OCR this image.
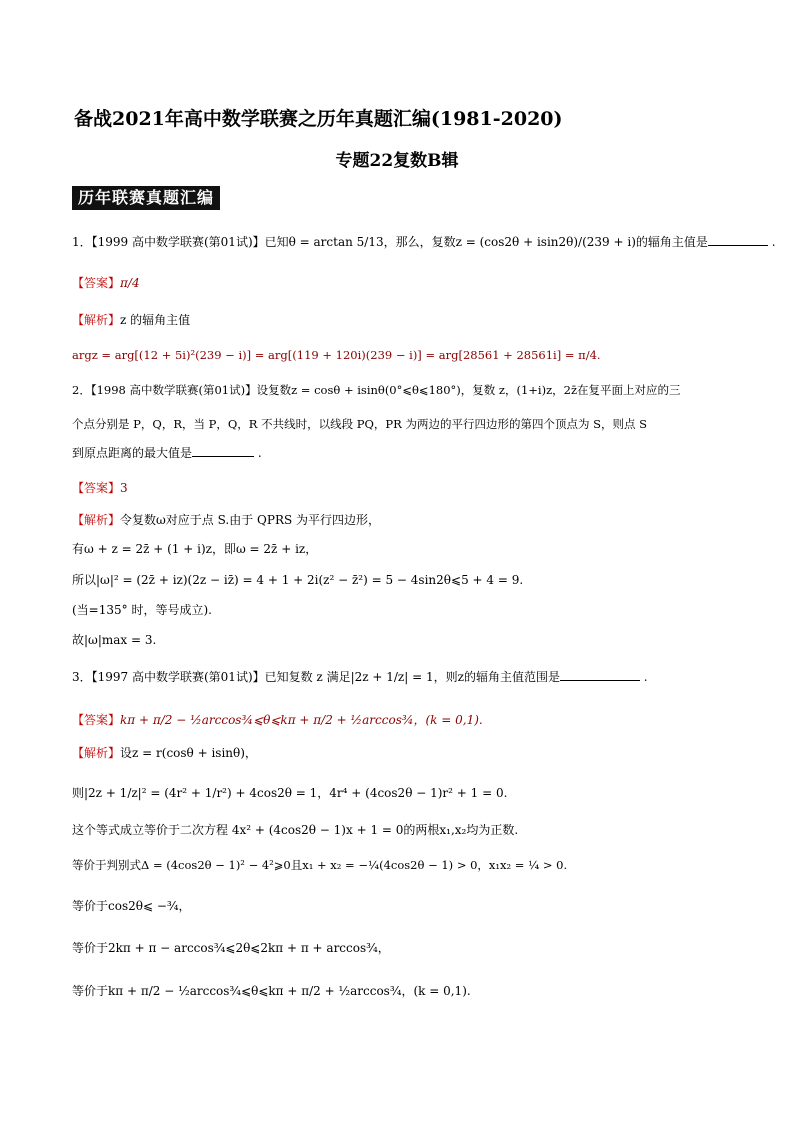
备战2021年高中数学联赛之历年真题汇编(1981-2020)
专题22复数B辑
历年联赛真题汇编
1．【1999 高中数学联赛(第01试)】已知θ = arctan 5/13，那么，复数z = (cos2θ + isin2θ)/(239 + i)的辐角主值是	.
【答案】π/4
【解析】z 的辐角主值
argz = arg[(12 + 5i)²(239 − i)] = arg[(119 + 120i)(239 − i)] = arg[28561 + 28561i] = π/4.
2．【1998 高中数学联赛(第01试)】设复数z = cosθ + isinθ(0°⩽θ⩽180°)，复数 z，(1+i)z，2z̄在复平面上对应的三
个点分别是 P，Q，R，当 P，Q，R 不共线时，以线段 PQ，PR 为两边的平行四边形的第四个顶点为 S，则点 S
到原点距离的最大值是	.
【答案】3
【解析】令复数ω对应于点 S.由于 QPRS 为平行四边形，
有ω + z = 2z̄ + (1 + i)z，即ω = 2z̄ + iz，
所以|ω|² = (2z̄ + iz)(2z − iz̄) = 4 + 1 + 2i(z² − z̄²) = 5 − 4sin2θ⩽5 + 4 = 9.
(当=135° 时，等号成立).
故|ω|max = 3.
3．【1997 高中数学联赛(第01试)】已知复数 z 满足|2z + 1/z| = 1，则z的辐角主值范围是	.
【答案】kπ + π/2 − ½arccos¾⩽θ⩽kπ + π/2 + ½arccos¾，(k = 0,1).
【解析】设z = r(cosθ + isinθ)，
则|2z + 1/z|² = (4r² + 1/r²) + 4cos2θ = 1，4r⁴ + (4cos2θ − 1)r² + 1 = 0.
这个等式成立等价于二次方程 4x² + (4cos2θ − 1)x + 1 = 0的两根x₁,x₂均为正数.
等价于判别式Δ = (4cos2θ − 1)² − 4²⩾0且x₁ + x₂ = −¼(4cos2θ − 1) > 0，x₁x₂ = ¼ > 0.
等价于cos2θ⩽ −¾，
等价于2kπ + π − arccos¾⩽2θ⩽2kπ + π + arccos¾，
等价于kπ + π/2 − ½arccos¾⩽θ⩽kπ + π/2 + ½arccos¾，(k = 0,1).
